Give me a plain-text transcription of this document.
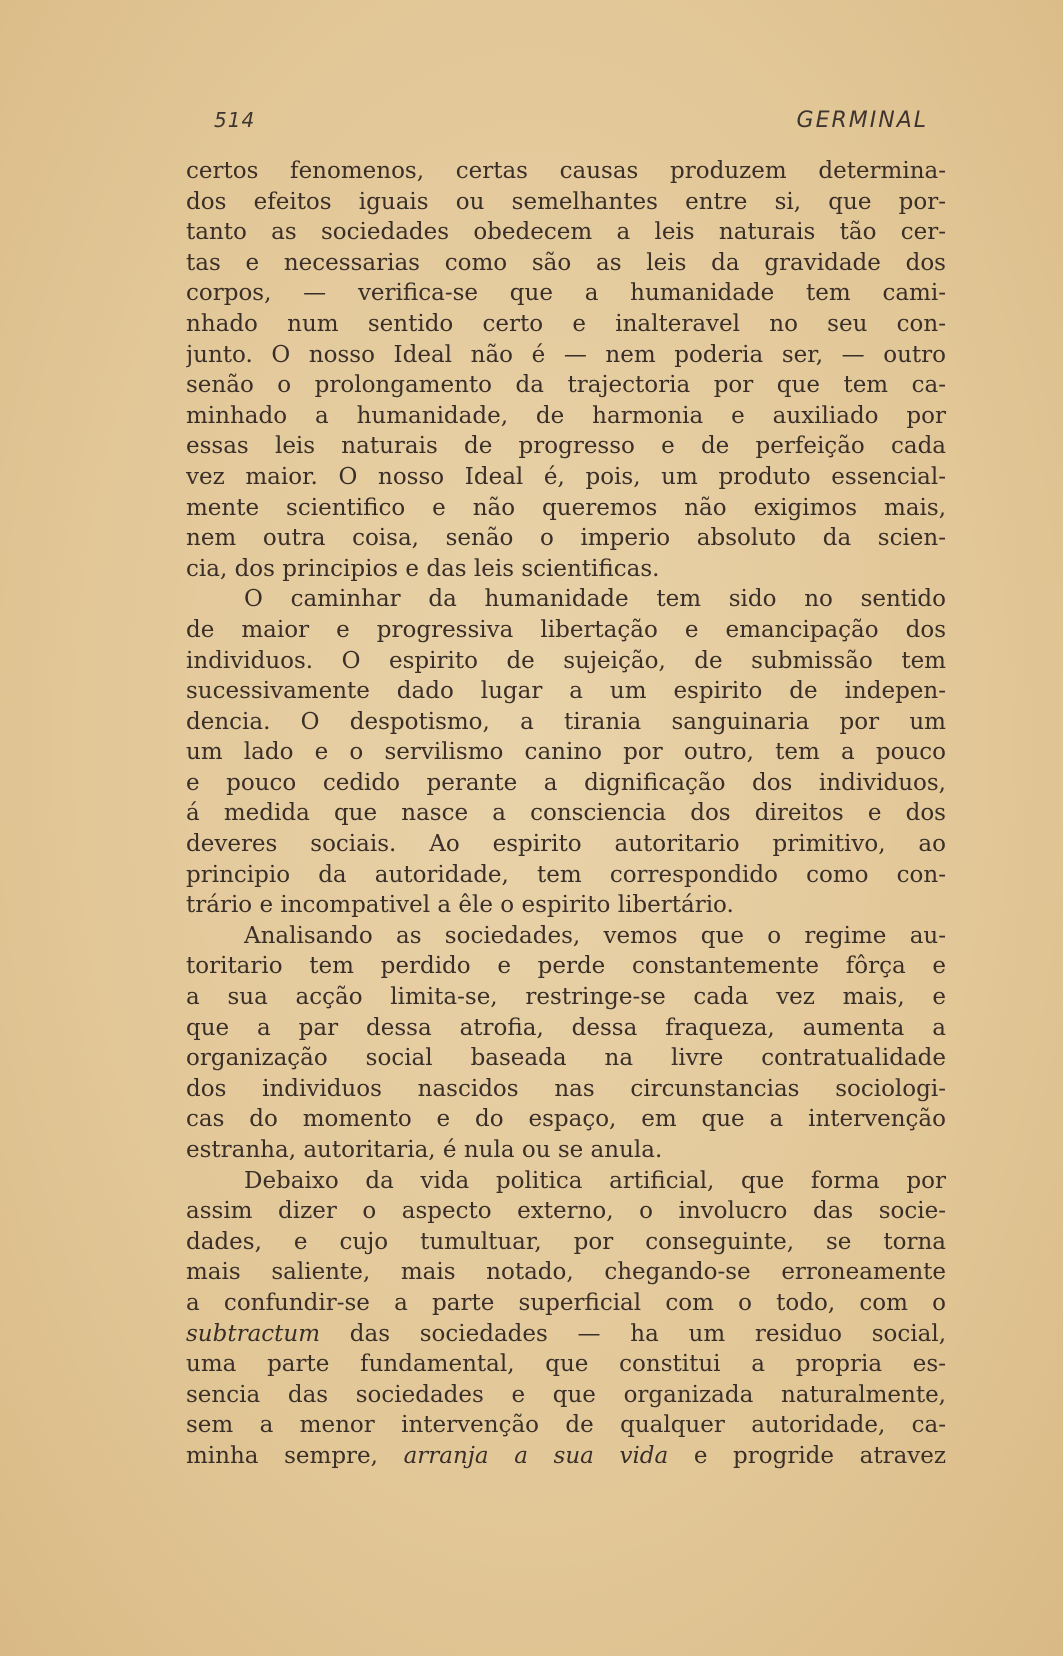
514	GERMINAL
certos fenomenos, certas causas produzem determina-
dos efeitos iguais ou semelhantes entre si, que por-
tanto as sociedades obedecem a leis naturais tão cer-
tas e necessarias como são as leis da gravidade dos
corpos, — verifica-se que a humanidade tem cami-
nhado num sentido certo e inalteravel no seu con-
junto. O nosso Ideal não é — nem poderia ser, — outro
senão o prolongamento da trajectoria por que tem ca-
minhado a humanidade, de harmonia e auxiliado por
essas leis naturais de progresso e de perfeição cada
vez maior. O nosso Ideal é, pois, um produto essencial-
mente scientifico e não queremos não exigimos mais,
nem outra coisa, senão o imperio absoluto da scien-
cia, dos principios e das leis scientificas.
O caminhar da humanidade tem sido no sentido
de maior e progressiva libertação e emancipação dos
individuos. O espirito de sujeição, de submissão tem
sucessivamente dado lugar a um espirito de indepen-
dencia. O despotismo, a tirania sanguinaria por um
um lado e o servilismo canino por outro, tem a pouco
e pouco cedido perante a dignificação dos individuos,
á medida que nasce a consciencia dos direitos e dos
deveres sociais. Ao espirito autoritario primitivo, ao
principio da autoridade, tem correspondido como con-
trário e incompativel a êle o espirito libertário.
Analisando as sociedades, vemos que o regime au-
toritario tem perdido e perde constantemente fôrça e
a sua acção limita-se, restringe-se cada vez mais, e
que a par dessa atrofia, dessa fraqueza, aumenta a
organização social baseada na livre contratualidade
dos individuos nascidos nas circunstancias sociologi-
cas do momento e do espaço, em que a intervenção
estranha, autoritaria, é nula ou se anula.
Debaixo da vida politica artificial, que forma por
assim dizer o aspecto externo, o involucro das socie-
dades, e cujo tumultuar, por conseguinte, se torna
mais saliente, mais notado, chegando-se erroneamente
a confundir-se a parte superficial com o todo, com o
subtractum das sociedades — ha um residuo social,
uma parte fundamental, que constitui a propria es-
sencia das sociedades e que organizada naturalmente,
sem a menor intervenção de qualquer autoridade, ca-
minha sempre, arranja a sua vida e progride atravez
